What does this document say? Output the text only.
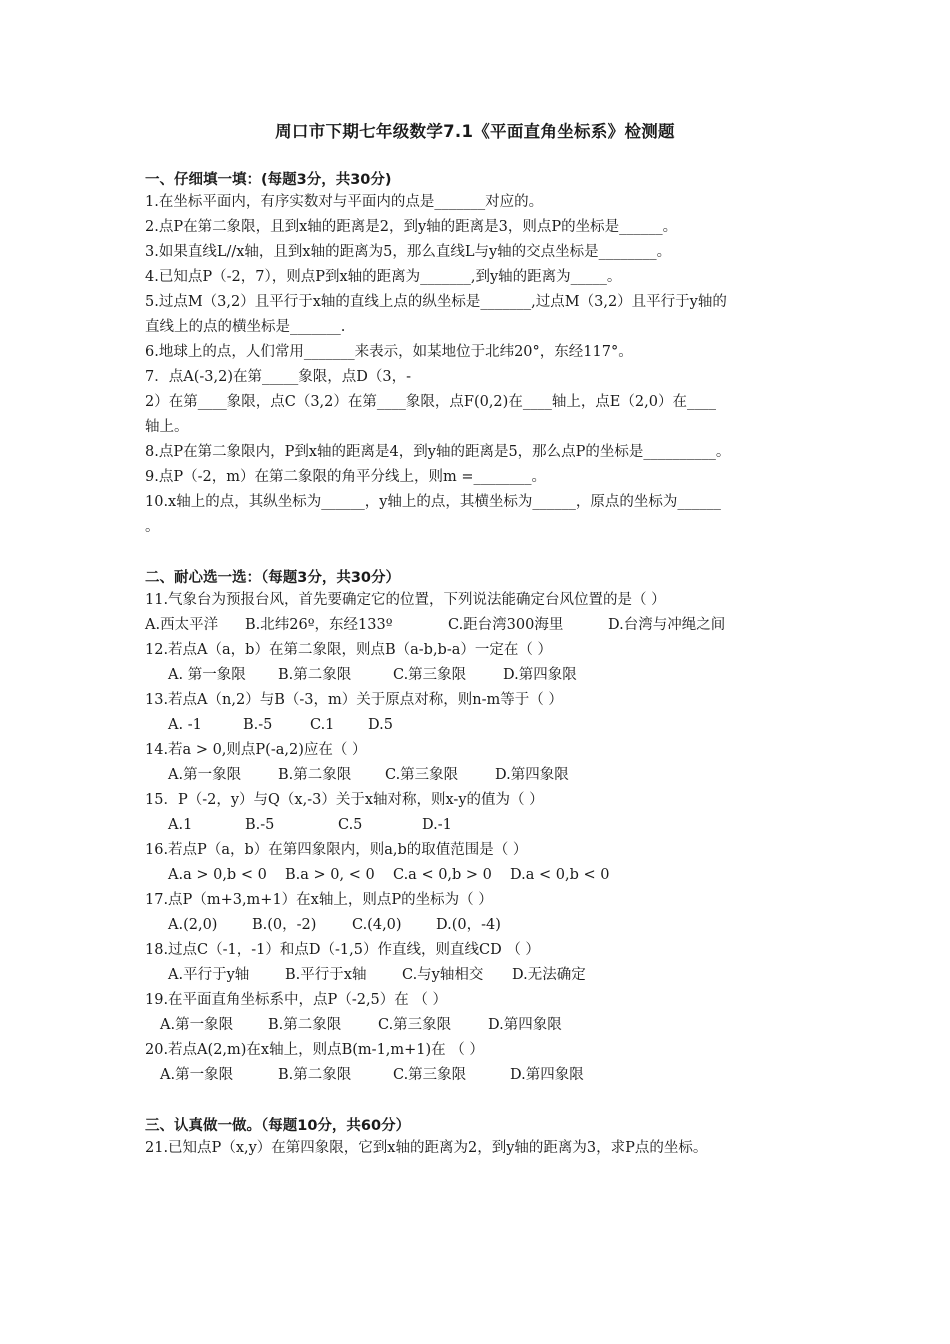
周口市下期七年级数学7.1《平面直角坐标系》检测题
一、仔细填一填：(每题3分，共30分)
1.在坐标平面内，有序实数对与平面内的点是_______对应的。
2.点P在第二象限，且到x轴的距离是2，到y轴的距离是3，则点P的坐标是______。
3.如果直线L//x轴，且到x轴的距离为5，那么直线L与y轴的交点坐标是________。
4.已知点P（-2，7），则点P到x轴的距离为_______,到y轴的距离为_____。
5.过点M（3,2）且平行于x轴的直线上点的纵坐标是_______,过点M（3,2）且平行于y轴的
直线上的点的横坐标是_______.
6.地球上的点，人们常用_______来表示，如某地位于北纬20°，东经117°。
7．点A(-3,2)在第_____象限，点D（3，-
2）在第____象限，点C（3,2）在第____象限，点F(0,2)在____轴上，点E（2,0）在____
轴上。
8.点P在第二象限内，P到x轴的距离是4，到y轴的距离是5，那么点P的坐标是__________。
9.点P（-2，m）在第二象限的角平分线上，则m =________。
10.x轴上的点，其纵坐标为______，y轴上的点，其横坐标为______，原点的坐标为______
。
二、耐心选一选：（每题3分，共30分）
11.气象台为预报台风，首先要确定它的位置，下列说法能确定台风位置的是（ ）
A.西太平洋 B.北纬26º，东经133º	C.距台湾300海里	D.台湾与冲绳之间
12.若点A（a，b）在第二象限，则点B（a-b,b-a）一定在（ ）
A. 第一象限 B.第二象限	C.第三象限	D.第四象限
13.若点A（n,2）与B（-3，m）关于原点对称，则n-m等于（ ）
A. -1	B.-5	C.1 D.5
14.若a > 0,则点P(-a,2)应在（ ）
A.第一象限	B.第二象限 C.第三象限	D.第四象限
15．P（-2，y）与Q（x,-3）关于x轴对称，则x-y的值为（ ）
A.1	B.-5	C.5	D.-1
16.若点P（a，b）在第四象限内，则a,b的取值范围是（ ）
A.a > 0,b < 0 B.a > 0, < 0 C.a < 0,b > 0 D.a < 0,b < 0
17.点P（m+3,m+1）在x轴上，则点P的坐标为（ ）
A.(2,0) B.(0，-2) C.(4,0) D.(0，-4)
18.过点C（-1，-1）和点D（-1,5）作直线，则直线CD （ ）
A.平行于y轴 B.平行于x轴 C.与y轴相交 D.无法确定
19.在平面直角坐标系中，点P（-2,5）在 （ ）
A.第一象限 B.第二象限	C.第三象限	D.第四象限
20.若点A(2,m)在x轴上，则点B(m-1,m+1)在 （ ）
A.第一象限	B.第二象限	C.第三象限	D.第四象限
三、认真做一做。（每题10分，共60分）
21.已知点P（x,y）在第四象限，它到x轴的距离为2，到y轴的距离为3，求P点的坐标。
